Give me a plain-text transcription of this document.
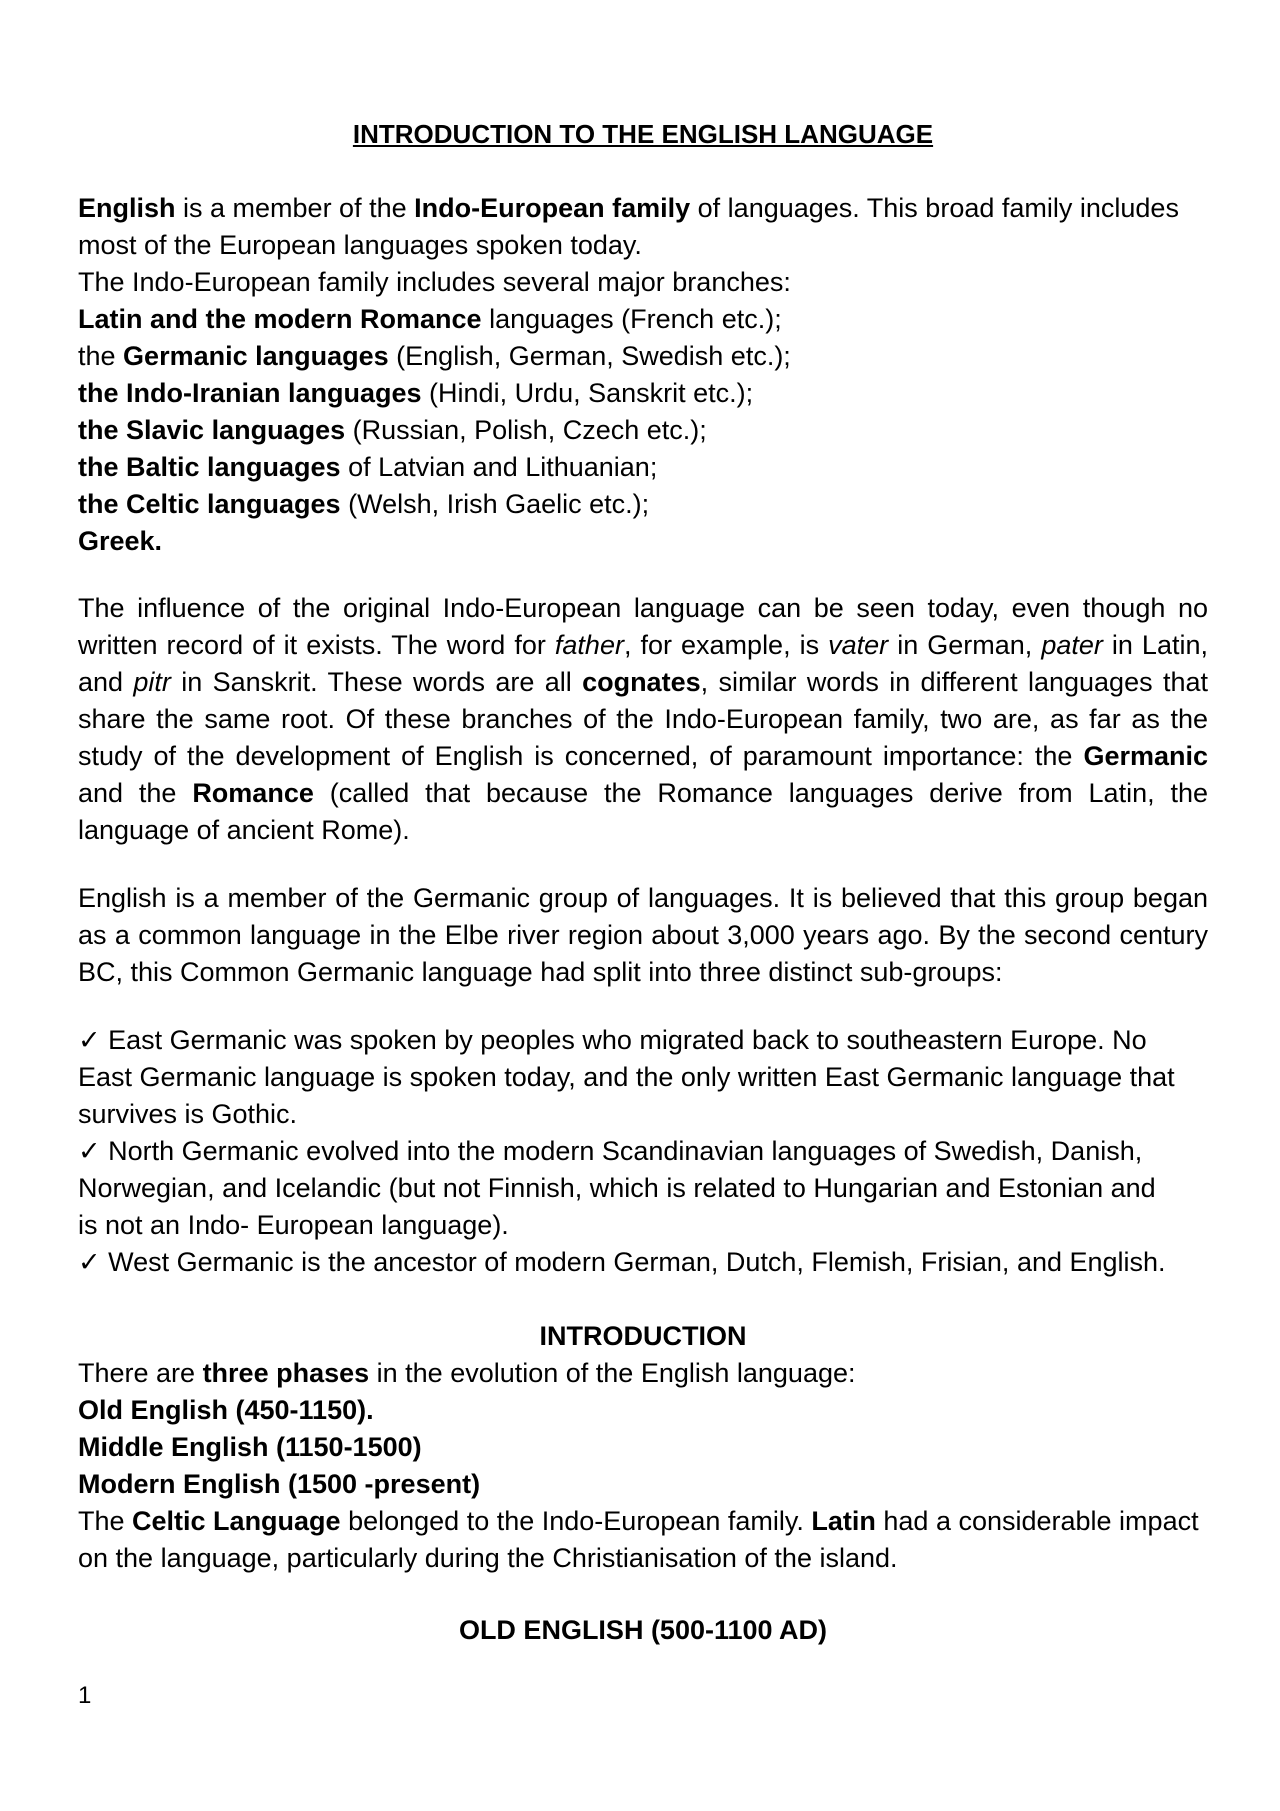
INTRODUCTION TO THE ENGLISH LANGUAGE
English is a member of the Indo-European family of languages. This broad family includes
most of the European languages spoken today.
The Indo-European family includes several major branches:
Latin and the modern Romance languages (French etc.);
the Germanic languages (English, German, Swedish etc.);
the Indo-Iranian languages (Hindi, Urdu, Sanskrit etc.);
the Slavic languages (Russian, Polish, Czech etc.);
the Baltic languages of Latvian and Lithuanian;
the Celtic languages (Welsh, Irish Gaelic etc.);
Greek.
The influence of the original Indo-European language can be seen today, even though no written record of it exists. The word for father, for example, is vater in German, pater in Latin, and pitr in Sanskrit. These words are all cognates, similar words in different languages that share the same root. Of these branches of the Indo-European family, two are, as far as the study of the development of English is concerned, of paramount importance: the Germanic and the Romance (called that because the Romance languages derive from Latin, the language of ancient Rome).
English is a member of the Germanic group of languages. It is believed that this group began as a common language in the Elbe river region about 3,000 years ago. By the second century BC, this Common Germanic language had split into three distinct sub-groups:
✓ East Germanic was spoken by peoples who migrated back to southeastern Europe. No
East Germanic language is spoken today, and the only written East Germanic language that
survives is Gothic.
✓ North Germanic evolved into the modern Scandinavian languages of Swedish, Danish,
Norwegian, and Icelandic (but not Finnish, which is related to Hungarian and Estonian and
is not an Indo- European language).
✓ West Germanic is the ancestor of modern German, Dutch, Flemish, Frisian, and English.
INTRODUCTION
There are three phases in the evolution of the English language:
Old English (450-1150).
Middle English (1150-1500)
Modern English (1500 -present)
The Celtic Language belonged to the Indo-European family. Latin had a considerable impact
on the language, particularly during the Christianisation of the island.
OLD ENGLISH (500-1100 AD)
1
